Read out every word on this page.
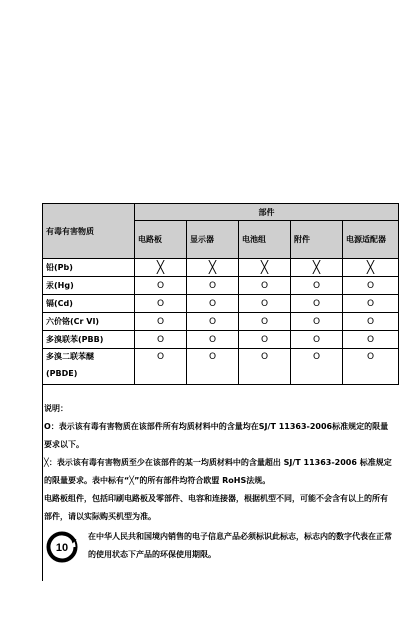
有毒有害物质	部件				
	电路板	显示器	电池组	附件	电源适配器
铅(Pb)	╳	╳	╳	╳	╳
汞(Hg)	O	O	O	O	O
镉(Cd)	O	O	O	O	O
六价铬(Cr VI)	O	O	O	O	O
多溴联苯(PBB)	O	O	O	O	O

多溴二联苯醚
(PBDE)	O	O	O	O	O

说明：

O：表示该有毒有害物质在该部件所有均质材料中的含量均在SJ/T 11363-2006标准规定的限量要求以下。

╳：表示该有毒有害物质至少在该部件的某一均质材料中的含量超出 SJ/T 11363-2006 标准规定的限量要求。表中标有“╳”的所有部件均符合欧盟 RoHS法规。

电路板组件，包括印刷电路板及零部件、电容和连接器，根据机型不同，可能不会含有以上的所有部件，请以实际购买机型为准。

10

在中华人民共和国境内销售的电子信息产品必须标识此标志，标志内的数字代表在正常的使用状态下产品的环保使用期限。
